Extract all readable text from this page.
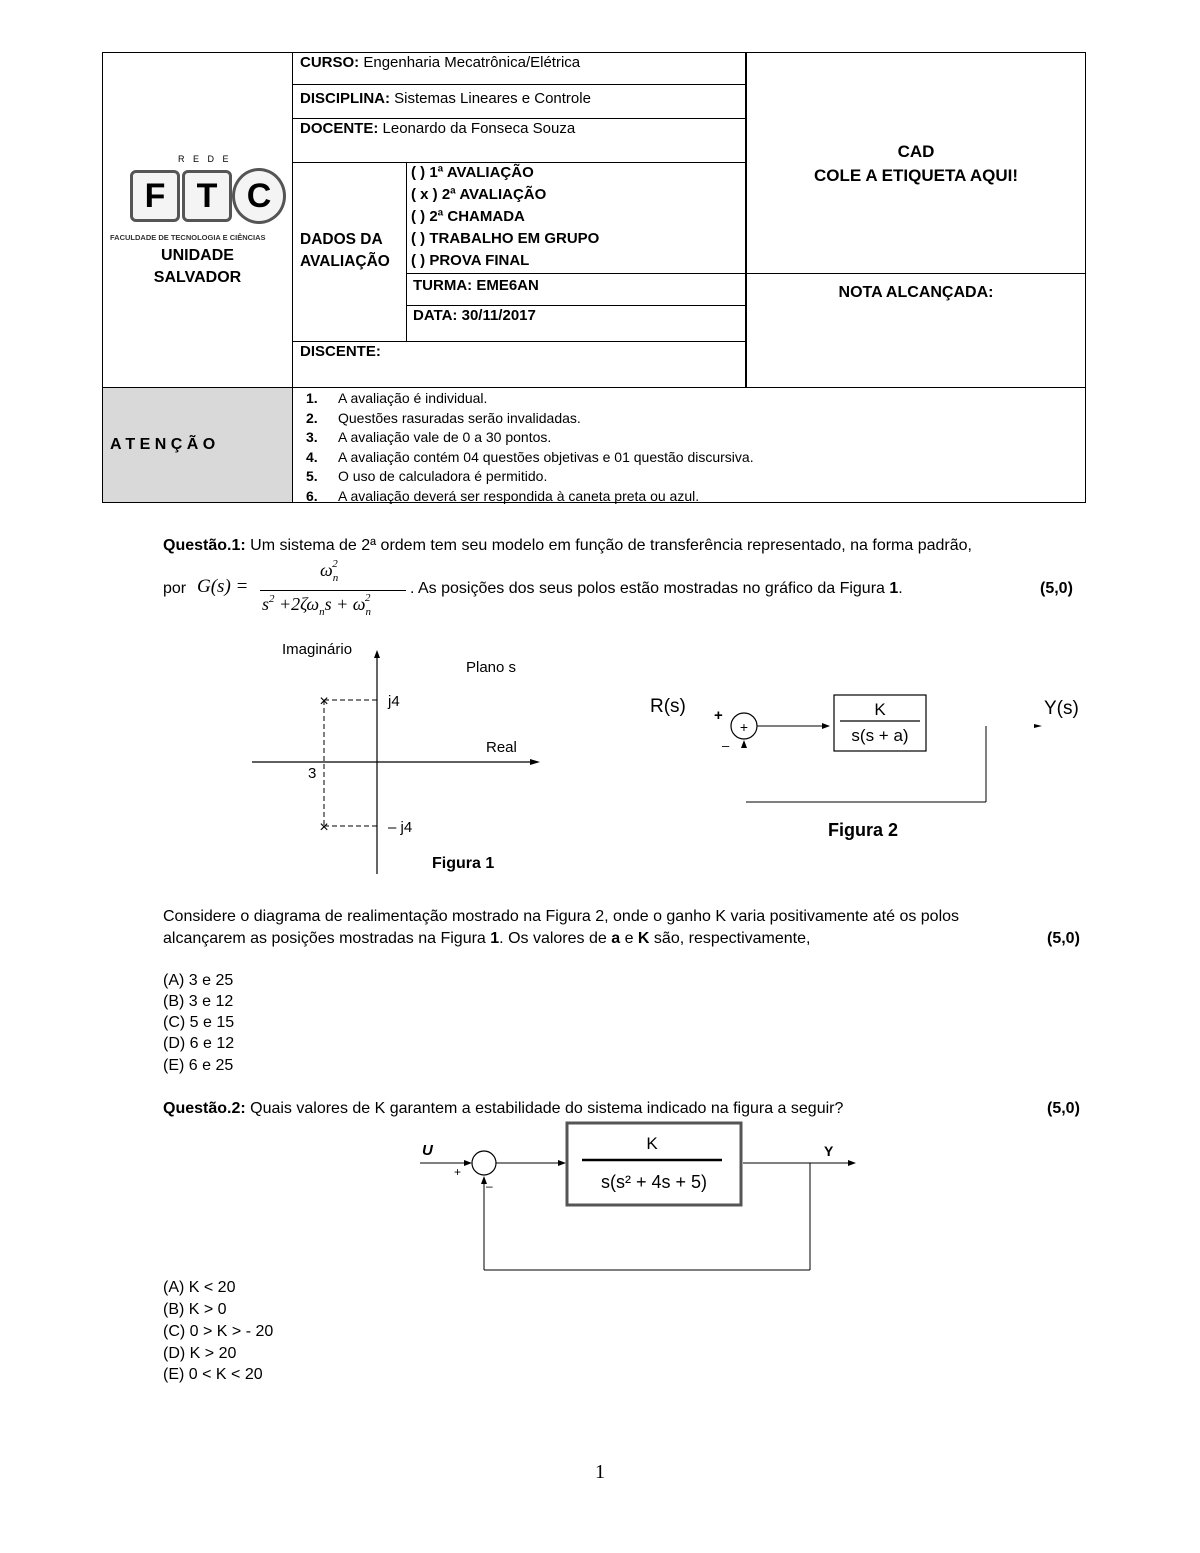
R E D E
F T C
FACULDADE DE TECNOLOGIA E CIÊNCIAS
UNIDADE
SALVADOR
CURSO: Engenharia Mecatrônica/Elétrica
DISCIPLINA: Sistemas Lineares e Controle
DOCENTE: Leonardo da Fonseca Souza
DADOS DA
AVALIAÇÃO
( ) 1ª AVALIAÇÃO
( x ) 2ª AVALIAÇÃO
( ) 2ª CHAMADA
( ) TRABALHO EM GRUPO
( ) PROVA FINAL
TURMA: EME6AN
DATA: 30/11/2017
DISCENTE:
CAD
COLE A ETIQUETA AQUI!
NOTA ALCANÇADA:
A T E N Ç Ã O
1. A avaliação é individual.
2. Questões rasuradas serão invalidadas.
3. A avaliação vale de 0 a 30 pontos.
4. A avaliação contém 04 questões objetivas e 01 questão discursiva.
5. O uso de calculadora é permitido.
6. A avaliação deverá ser respondida à caneta preta ou azul.
Questão.1: Um sistema de 2ª ordem tem seu modelo em função de transferência representado, na forma padrão,
por G(s) =
$\omega_n^2$
$s^2 +2\zeta\omega_ns + \omega_n^2$
. As posições dos seus polos estão mostradas no gráfico da Figura 1.	(5,0)
×
×
Imaginário
Plano s
Real
j4
– j4
3
Figura 1
R(s) +
–
+
K
s(s + a)
Y(s)
Figura 2
Considere o diagrama de realimentação mostrado na Figura 2, onde o ganho K varia positivamente até os polos
alcançarem as posições mostradas na Figura 1. Os valores de a e K são, respectivamente,	(5,0)
(A) 3 e 25
(B) 3 e 12
(C) 5 e 15
(D) 6 e 12
(E) 6 e 25
Questão.2: Quais valores de K garantem a estabilidade do sistema indicado na figura a seguir?	(5,0)
U
+
–
K
s(s² + 4s + 5)
Y
(A) K < 20
(B) K > 0
(C) 0 > K > - 20
(D) K > 20
(E) 0 < K < 20
1
